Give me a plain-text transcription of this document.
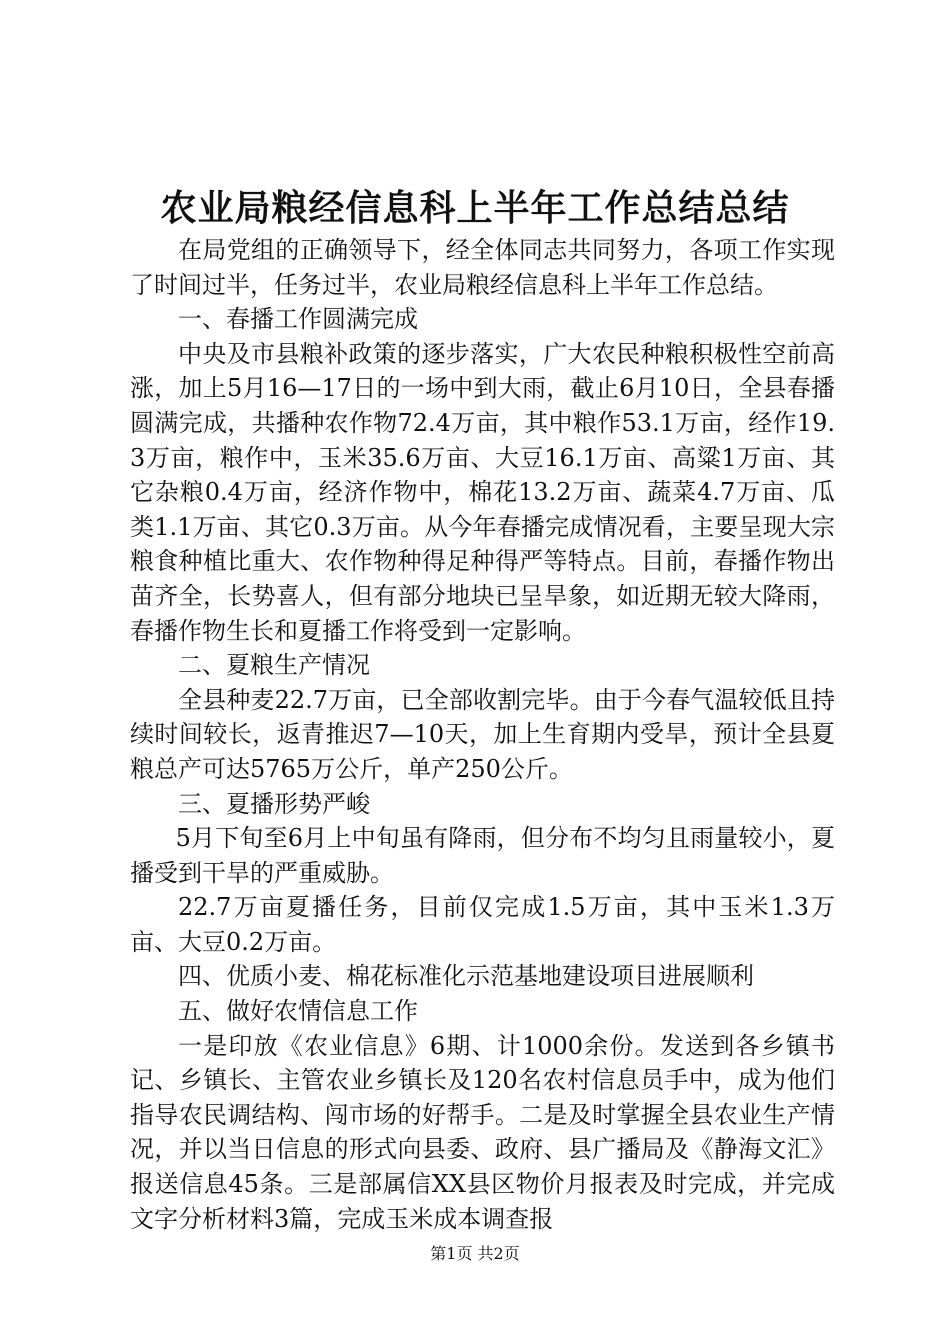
农业局粮经信息科上半年工作总结总结

在局党组的正确领导下，经全体同志共同努力，各项工作实现了时间过半，任务过半，农业局粮经信息科上半年工作总结。

一、春播工作圆满完成

中央及市县粮补政策的逐步落实，广大农民种粮积极性空前高涨，加上5月16—17日的一场中到大雨，截止6月10日，全县春播圆满完成，共播种农作物72.4万亩，其中粮作53.1万亩，经作19.3万亩，粮作中，玉米35.6万亩、大豆16.1万亩、高粱1万亩、其它杂粮0.4万亩，经济作物中，棉花13.2万亩、蔬菜4.7万亩、瓜类1.1万亩、其它0.3万亩。从今年春播完成情况看，主要呈现大宗粮食种植比重大、农作物种得足种得严等特点。目前，春播作物出苗齐全，长势喜人，但有部分地块已呈旱象，如近期无较大降雨，春播作物生长和夏播工作将受到一定影响。

二、夏粮生产情况

全县种麦22.7万亩，已全部收割完毕。由于今春气温较低且持续时间较长，返青推迟7—10天，加上生育期内受旱，预计全县夏粮总产可达5765万公斤，单产250公斤。

三、夏播形势严峻

5月下旬至6月上中旬虽有降雨，但分布不均匀且雨量较小，夏播受到干旱的严重威胁。

22.7万亩夏播任务，目前仅完成1.5万亩，其中玉米1.3万亩、大豆0.2万亩。

四、优质小麦、棉花标准化示范基地建设项目进展顺利

五、做好农情信息工作

一是印放《农业信息》6期、计1000余份。发送到各乡镇书记、乡镇长、主管农业乡镇长及120名农村信息员手中，成为他们指导农民调结构、闯市场的好帮手。二是及时掌握全县农业生产情况，并以当日信息的形式向县委、政府、县广播局及《静海文汇》报送信息45条。三是部属信XX县区物价月报表及时完成，并完成文字分析材料3篇，完成玉米成本调查报

第1页 共2页
